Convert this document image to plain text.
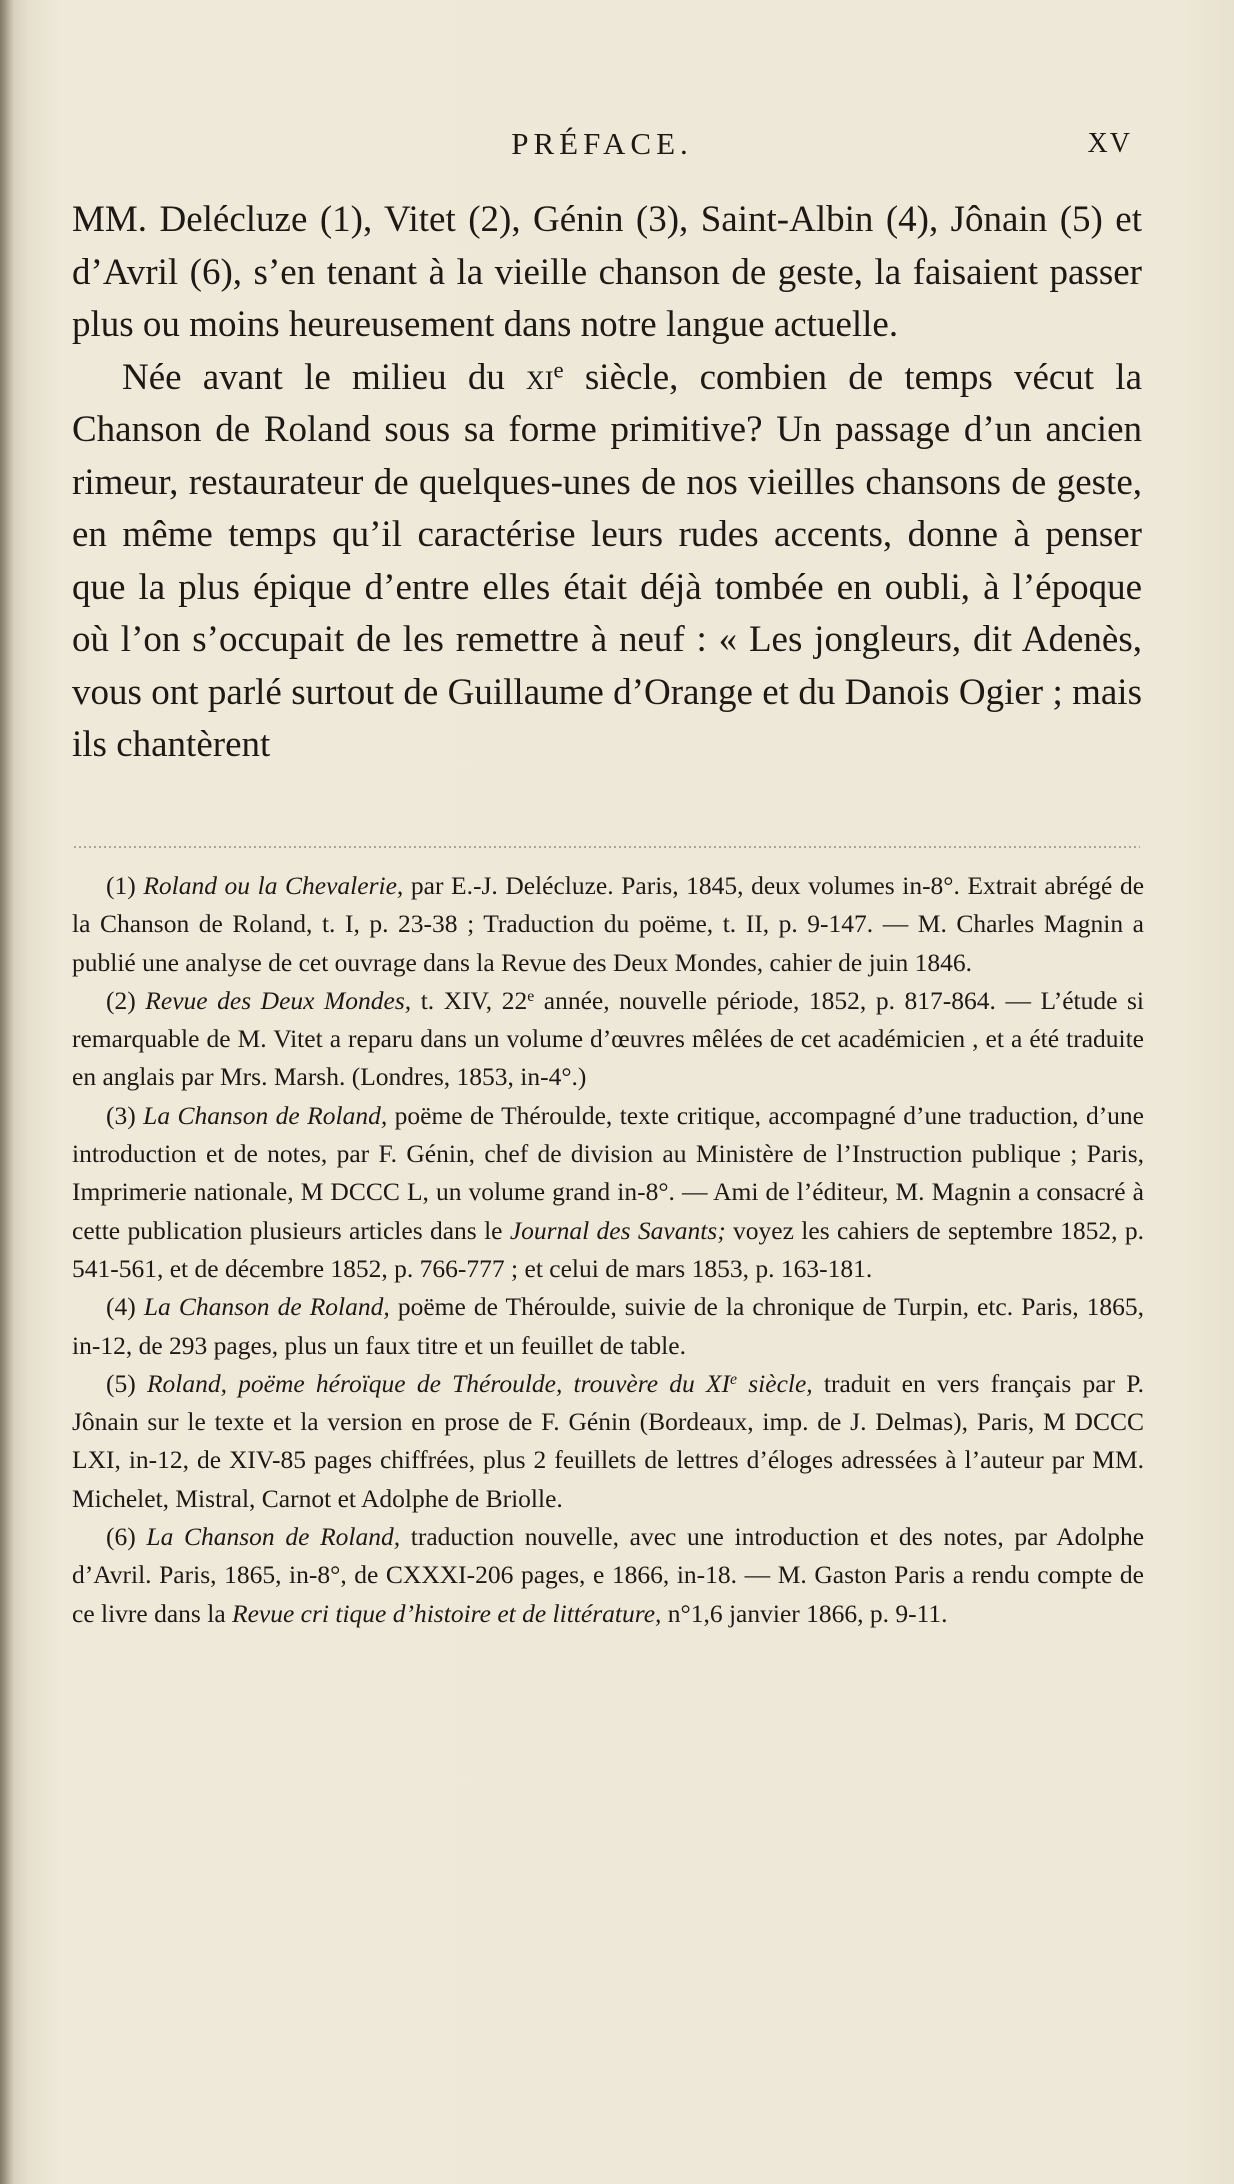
PRÉFACE.	XV

MM. Delécluze (1), Vitet (2), Génin (3), Saint-Albin (4), Jônain (5) et d’Avril (6), s’en tenant à la vieille chanson de geste, la faisaient passer plus ou moins heureusement dans notre langue actuelle.

Née avant le milieu du $xi^e$ siècle, combien de temps vécut la Chanson de Roland sous sa forme primitive? Un passage d’un ancien rimeur, restaurateur de quelques-unes de nos vieilles chansons de geste, en même temps qu’il caractérise leurs rudes accents, donne à penser que la plus épique d’entre elles était déjà tombée en oubli, à l’époque où l’on s’occupait de les remettre à neuf : « Les jongleurs, dit Adenès, vous ont parlé surtout de Guillaume d’Orange et du Danois Ogier ; mais ils chantèrent

(1) Roland ou la Chevalerie, par E.-J. Delécluze. Paris, 1845, deux volumes in-8°. Extrait abrégé de la Chanson de Roland, t. I, p. 23-38 ; Traduction du poëme, t. II, p. 9-147. — M. Charles Magnin a publié une analyse de cet ouvrage dans la Revue des Deux Mondes, cahier de juin 1846.

(2) Revue des Deux Mondes, t. XIV, 22e année, nouvelle période, 1852, p. 817-864. — L’étude si remarquable de M. Vitet a reparu dans un volume d’œuvres mêlées de cet académicien , et a été traduite en anglais par Mrs. Marsh. (Londres, 1853, in-4°.)

(3) La Chanson de Roland, poëme de Théroulde, texte critique, accompagné d’une traduction, d’une introduction et de notes, par F. Génin, chef de division au Ministère de l’Instruction publique ; Paris, Imprimerie nationale, M DCCC L, un volume grand in-8°. — Ami de l’éditeur, M. Magnin a consacré à cette publication plusieurs articles dans le Journal des Savants; voyez les cahiers de septembre 1852, p. 541-561, et de décembre 1852, p. 766-777 ; et celui de mars 1853, p. 163-181.

(4) La Chanson de Roland, poëme de Théroulde, suivie de la chronique de Turpin, etc. Paris, 1865, in-12, de 293 pages, plus un faux titre et un feuillet de table.

(5) Roland, poëme héroïque de Théroulde, trouvère du XIe siècle, traduit en vers français par P. Jônain sur le texte et la version en prose de F. Génin (Bordeaux, imp. de J. Delmas), Paris, M DCCC LXI, in-12, de XIV-85 pages chiffrées, plus 2 feuillets de lettres d’éloges adressées à l’auteur par MM. Michelet, Mistral, Carnot et Adolphe de Briolle.

(6) La Chanson de Roland, traduction nouvelle, avec une introduction et des notes, par Adolphe d’Avril. Paris, 1865, in-8°, de CXXXI-206 pages, e 1866, in-18. — M. Gaston Paris a rendu compte de ce livre dans la Revue cri tique d’histoire et de littérature, n°1,6 janvier 1866, p. 9-11.
